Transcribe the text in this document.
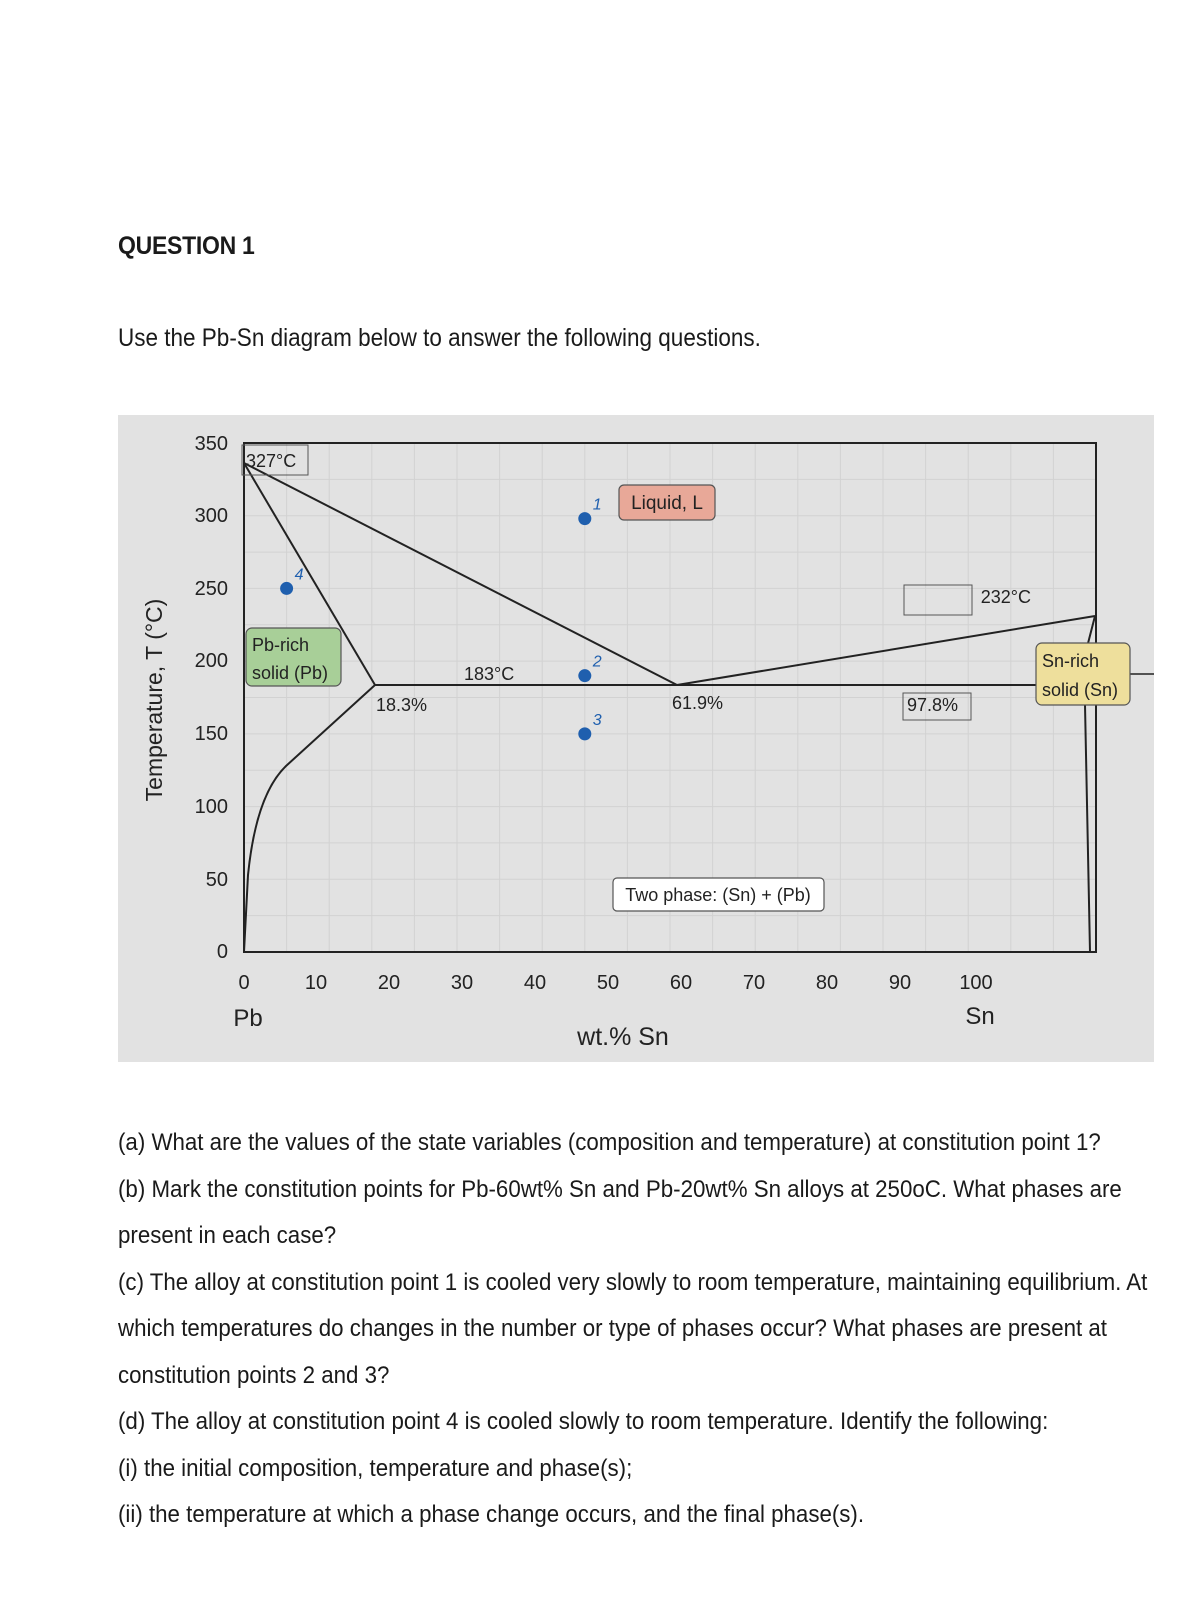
QUESTION 1
Use the Pb-Sn diagram below to answer the following questions.
350
300
250
200
150
100
50
0
0	10	20	30	40	50	60	70	80	90 100
Pb	Sn
wt.% Sn
Temperature, T (°C)
327°C
232°C
183°C
18.3%	61.9%	97.8%
Liquid, L
Pb-rich
solid (Pb)
Sn-rich
solid (Sn)
Two phase: (Sn) + (Pb)
1
2
3
4

(a) What are the values of the state variables (composition and temperature) at constitution point 1?

(b) Mark the constitution points for Pb-60wt% Sn and Pb-20wt% Sn alloys at 250oC. What phases are present in each case?

(c) The alloy at constitution point 1 is cooled very slowly to room temperature, maintaining equilibrium. At which temperatures do changes in the number or type of phases occur? What phases are present at constitution points 2 and 3?

(d) The alloy at constitution point 4 is cooled slowly to room temperature. Identify the following:

(i) the initial composition, temperature and phase(s);

(ii) the temperature at which a phase change occurs, and the final phase(s).
